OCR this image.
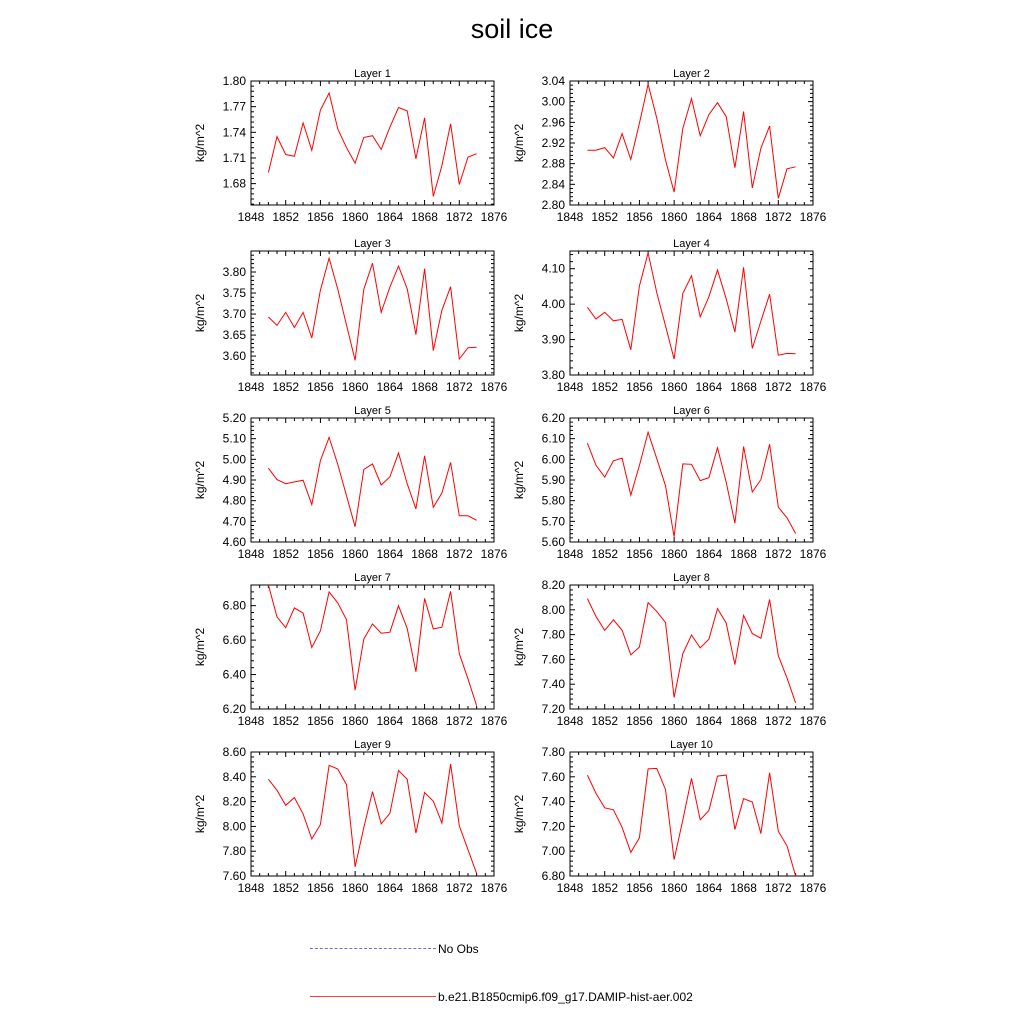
soil ice
Layer 1
kg/m^2
1848 1852 1856 1860 1864 1868 1872 1876
1.68
1.71
1.74
1.77
1.80	Layer 2
kg/m^2
1848 1852 1856 1860 1864 1868 1872 1876
2.80
2.84
2.88
2.92
2.96
3.00
3.04
Layer 3
kg/m^2
1848 1852 1856 1860 1864 1868 1872 1876
3.60
3.65
3.70
3.75
3.80
Layer 4
kg/m^2
1848 1852 1856 1860 1864 1868 1872 1876
3.80
3.90
4.00
4.10
Layer 5
kg/m^2
1848 1852 1856 1860 1864 1868 1872 1876
4.60
4.70
4.80
4.90
5.00
5.10
5.20	Layer 6
kg/m^2
1848 1852 1856 1860 1864 1868 1872 1876
5.60
5.70
5.80
5.90
6.00
6.10
6.20
Layer 7
kg/m^2
1848 1852 1856 1860 1864 1868 1872 1876
6.20
6.40
6.60
6.80
Layer 8
kg/m^2
1848 1852 1856 1860 1864 1868 1872 1876
7.20
7.40
7.60
7.80
8.00
8.20
Layer 9
kg/m^2
1848 1852 1856 1860 1864 1868 1872 1876
7.60
7.80
8.00
8.20
8.40
8.60	Layer 10
kg/m^2
1848 1852 1856 1860 1864 1868 1872 1876
6.80
7.00
7.20
7.40
7.60
7.80
No Obs
b.e21.B1850cmip6.f09_g17.DAMIP-hist-aer.002
